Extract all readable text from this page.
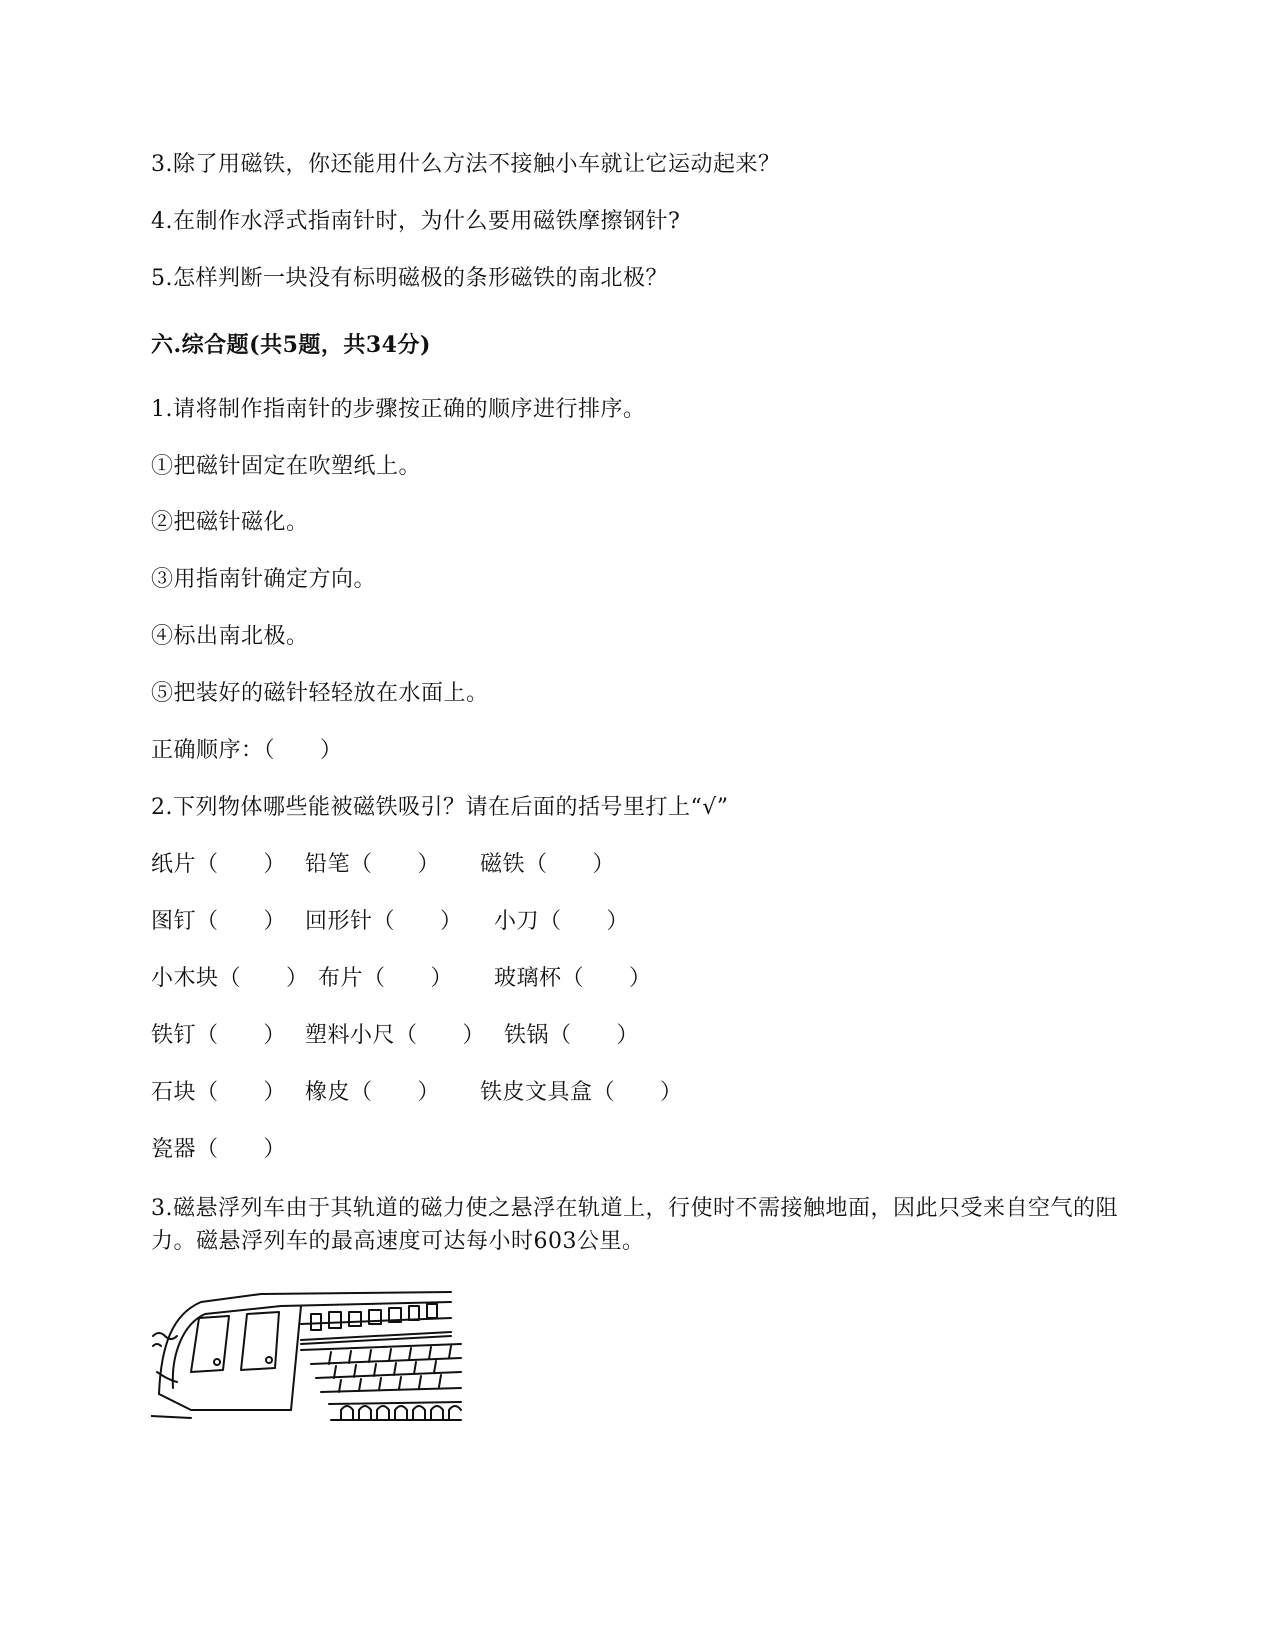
3.除了用磁铁，你还能用什么方法不接触小车就让它运动起来？
4.在制作水浮式指南针时，为什么要用磁铁摩擦钢针?
5.怎样判断一块没有标明磁极的条形磁铁的南北极？
六.综合题(共5题，共34分)
1.请将制作指南针的步骤按正确的顺序进行排序。
①把磁针固定在吹塑纸上。
②把磁针磁化。
③用指南针确定方向。
④标出南北极。
⑤把装好的磁针轻轻放在水面上。
正确顺序：（　　）
2.下列物体哪些能被磁铁吸引？请在后面的括号里打上“√”
纸片（　　） 铅笔（　　） 磁铁（　　）
图钉（　　） 回形针（　　） 小刀（　　）
小木块（　　） 布片（　　） 玻璃杯（　　）
铁钉（　　） 塑料小尺（　　） 铁锅（　　）
石块（　　） 橡皮（　　） 铁皮文具盒（　　）
瓷器（　　）
3.磁悬浮列车由于其轨道的磁力使之悬浮在轨道上，行使时不需接触地面，因此只受来自空气的阻力。磁悬浮列车的最高速度可达每小时603公里。
